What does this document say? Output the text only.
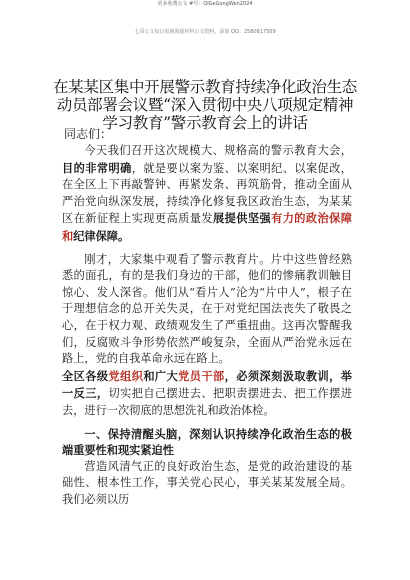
更多免费公文 #号：QiGeGongWen2024
七哥公文每日更新海量材料公文资料，添加 QQ：2580817509
在某某区集中开展警示教育持续净化政治生态动员部署会议暨“深入贯彻中央八项规定精神学习教育”警示教育会上的讲话

同志们：

今天我们召开这次规模大、规格高的警示教育大会，目的非常明确，就是要以案为鉴、以案明纪、以案促改，在全区上下再敲警钟、再紧发条、再筑筋骨，推动全面从严治党向纵深发展，持续净化修复我区政治生态，为某某区在新征程上实现更高质量发展提供坚强有力的政治保障和纪律保障。

刚才，大家集中观看了警示教育片。片中这些曾经熟悉的面孔，有的是我们身边的干部，他们的惨痛教训触目惊心、发人深省。他们从“看片人”沦为“片中人”，根子在于理想信念的总开关失灵，在于对党纪国法丧失了敬畏之心，在于权力观、政绩观发生了严重扭曲。这再次警醒我们，反腐败斗争形势依然严峻复杂，全面从严治党永远在路上，党的自我革命永远在路上。

全区各级党组织和广大党员干部，必须深刻汲取教训，举一反三，切实把自己摆进去、把职责摆进去、把工作摆进去，进行一次彻底的思想洗礼和政治体检。

一、保持清醒头脑，深刻认识持续净化政治生态的极端重要性和现实紧迫性

营造风清气正的良好政治生态，是党的政治建设的基础性、根本性工作，事关党心民心，事关某某发展全局。我们必须以历
